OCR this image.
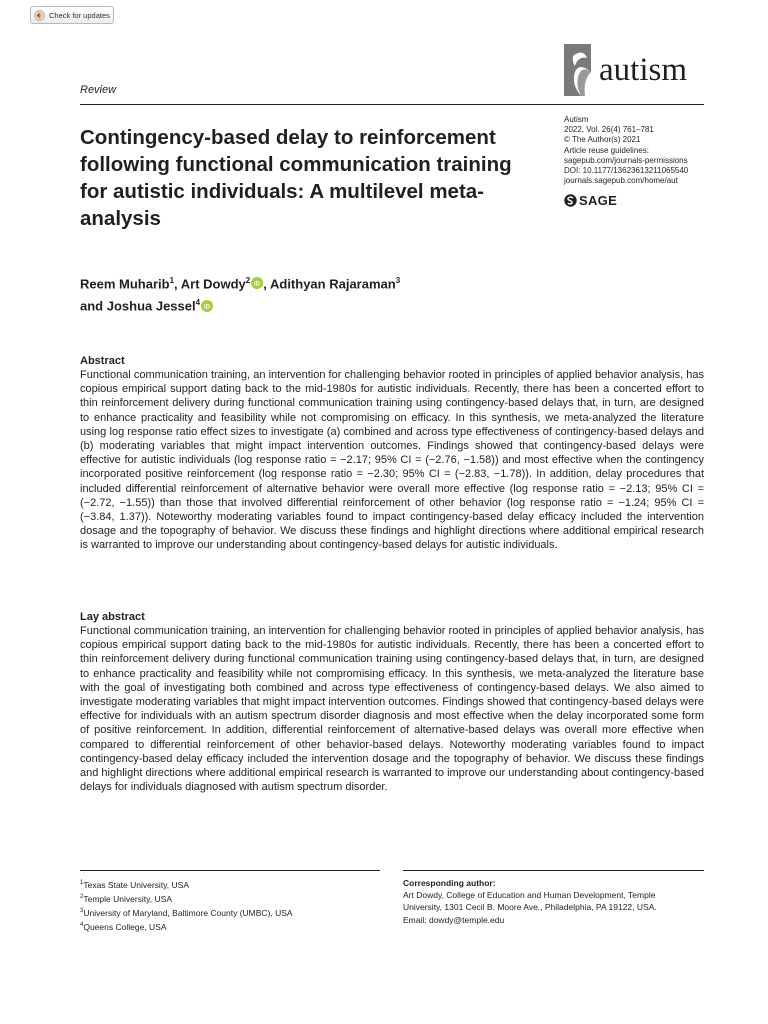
Check for updates
Review
autism
Contingency-based delay to reinforcement following functional communication training for autistic individuals: A multilevel meta-analysis
Autism
2022, Vol. 26(4) 761–781
© The Author(s) 2021
Article reuse guidelines:
sagepub.com/journals-permissions
DOI: 10.1177/13623613211065540
journals.sagepub.com/home/aut
SAGE
Reem Muharib$^1$, Art Dowdy$^2$ iD , Adithyan Rajaraman$^3$
and Joshua Jessel$^4$ iD
Abstract

Functional communication training, an intervention for challenging behavior rooted in principles of applied behavior analysis, has copious empirical support dating back to the mid-1980s for autistic individuals. Recently, there has been a concerted effort to thin reinforcement delivery during functional communication training using contingency-based delays that, in turn, are designed to enhance practicality and feasibility while not compromising on efficacy. In this synthesis, we meta-analyzed the literature using log response ratio effect sizes to investigate (a) combined and across type effectiveness of contingency-based delays and (b) moderating variables that might impact intervention outcomes. Findings showed that contingency-based delays were effective for autistic individuals (log response ratio = −2.17; 95% CI = (−2.76, −1.58)) and most effective when the contingency incorporated positive reinforcement (log response ratio = −2.30; 95% CI = (−2.83, −1.78)). In addition, delay procedures that included differential reinforcement of alternative behavior were overall more effective (log response ratio = −2.13; 95% CI = (−2.72, −1.55)) than those that involved differential reinforcement of other behavior (log response ratio = −1.24; 95% CI = (−3.84, 1.37)). Noteworthy moderating variables found to impact contingency-based delay efficacy included the intervention dosage and the topography of behavior. We discuss these findings and highlight directions where additional empirical research is warranted to improve our understanding about contingency-based delays for autistic individuals.

Lay abstract

Functional communication training, an intervention for challenging behavior rooted in principles of applied behavior analysis, has copious empirical support dating back to the mid-1980s for autistic individuals. Recently, there has been a concerted effort to thin reinforcement delivery during functional communication training using contingency-based delays that, in turn, are designed to enhance practicality and feasibility while not compromising efficacy. In this synthesis, we meta-analyzed the literature base with the goal of investigating both combined and across type effectiveness of contingency-based delays. We also aimed to investigate moderating variables that might impact intervention outcomes. Findings showed that contingency-based delays were effective for individuals with an autism spectrum disorder diagnosis and most effective when the delay incorporated some form of positive reinforcement. In addition, differential reinforcement of alternative-based delays was overall more effective when compared to differential reinforcement of other behavior-based delays. Noteworthy moderating variables found to impact contingency-based delay efficacy included the intervention dosage and the topography of behavior. We discuss these findings and highlight directions where additional empirical research is warranted to improve our understanding about contingency-based delays for individuals diagnosed with autism spectrum disorder.

$^1$Texas State University, USA
$^2$Temple University, USA
$^3$University of Maryland, Baltimore County (UMBC), USA
$^4$Queens College, USA
Corresponding author:
Art Dowdy, College of Education and Human Development, Temple
University, 1301 Cecil B. Moore Ave., Philadelphia, PA 19122, USA.
Email: dowdy@temple.edu
